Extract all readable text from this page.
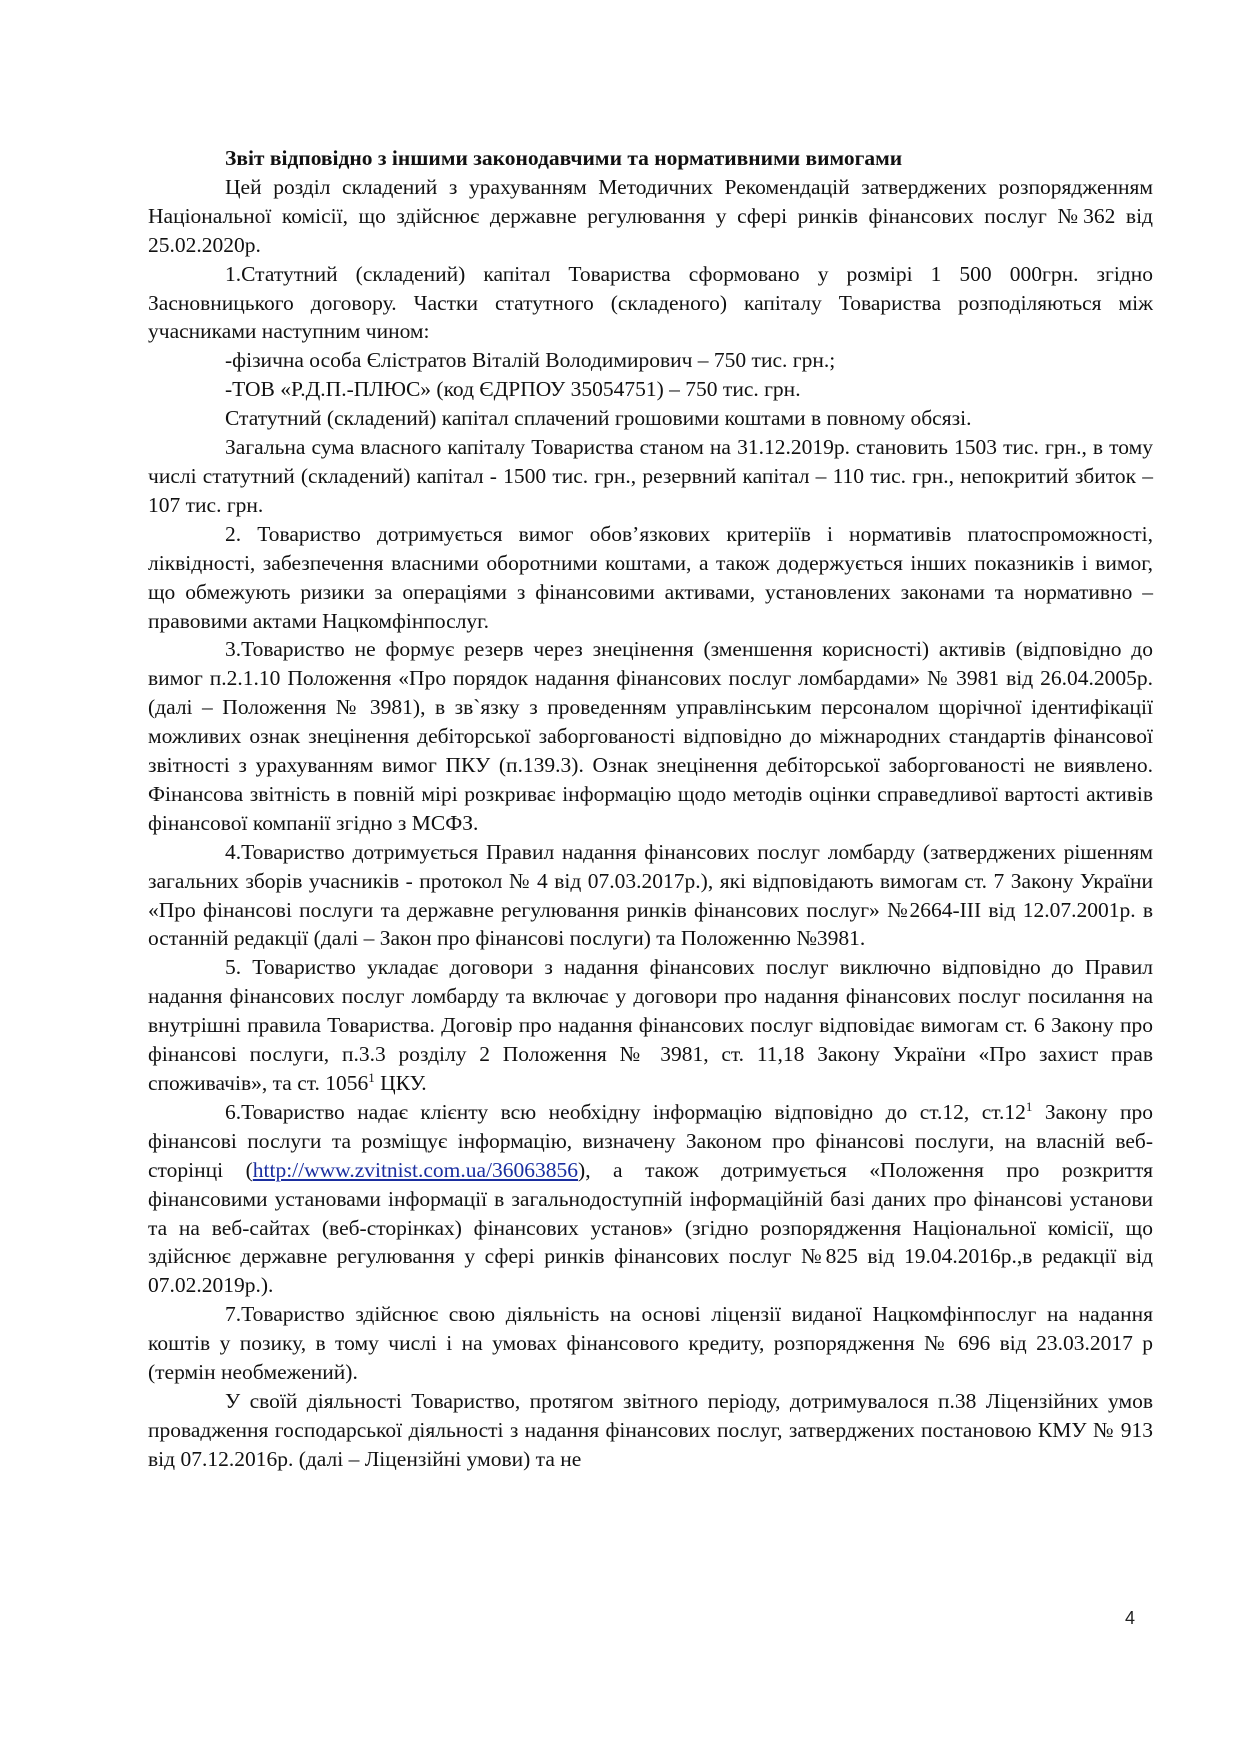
Звіт відповідно з іншими законодавчими та нормативними вимогами

Цей розділ складений з урахуванням Методичних Рекомендацій затверджених розпорядженням Національної комісії, що здійснює державне регулювання у сфері ринків фінансових послуг №362 від 25.02.2020р.

1.Статутний (складений) капітал Товариства сформовано у розмірі 1 500 000грн. згідно Засновницького договору. Частки статутного (складеного) капіталу Товариства розподіляються між учасниками наступним чином:

-фізична особа Єлістратов Віталій Володимирович – 750 тис. грн.;

-ТОВ «Р.Д.П.-ПЛЮС» (код ЄДРПОУ 35054751) – 750 тис. грн.

Статутний (складений) капітал сплачений грошовими коштами в повному обсязі.

Загальна сума власного капіталу Товариства станом на 31.12.2019р. становить 1503 тис. грн., в тому числі статутний (складений) капітал - 1500 тис. грн., резервний капітал – 110 тис. грн., непокритий збиток – 107 тис. грн.

2. Товариство дотримується вимог обов’язкових критеріїв і нормативів платоспроможності, ліквідності, забезпечення власними оборотними коштами, а також додержується інших показників і вимог, що обмежують ризики за операціями з фінансовими активами, установлених законами та нормативно – правовими актами Нацкомфінпослуг.

3.Товариство не формує резерв через знецінення (зменшення корисності) активів (відповідно до вимог п.2.1.10 Положення «Про порядок надання фінансових послуг ломбардами» № 3981 від 26.04.2005р. (далі – Положення № 3981), в зв`язку з проведенням управлінським персоналом щорічної ідентифікації можливих ознак знецінення дебіторської заборгованості відповідно до міжнародних стандартів фінансової звітності з урахуванням вимог ПКУ (п.139.3). Ознак знецінення дебіторської заборгованості не виявлено. Фінансова звітність в повній мірі розкриває інформацію щодо методів оцінки справедливої вартості активів фінансової компанії згідно з МСФЗ.

4.Товариство дотримується Правил надання фінансових послуг ломбарду (затверджених рішенням загальних зборів учасників - протокол № 4 від 07.03.2017р.), які відповідають вимогам ст. 7 Закону України «Про фінансові послуги та державне регулювання ринків фінансових послуг» №2664-ІІІ від 12.07.2001р. в останній редакції (далі – Закон про фінансові послуги) та Положенню №3981.

5. Товариство укладає договори з надання фінансових послуг виключно відповідно до Правил надання фінансових послуг ломбарду та включає у договори про надання фінансових послуг посилання на внутрішні правила Товариства. Договір про надання фінансових послуг відповідає вимогам ст. 6 Закону про фінансові послуги, п.3.3 розділу 2 Положення № 3981, ст. 11,18 Закону України «Про захист прав споживачів», та ст. 1056$^1$ ЦКУ.

6.Товариство надає клієнту всю необхідну інформацію відповідно до ст.12, $ст.12^1$ Закону про фінансові послуги та розміщує інформацію, визначену Законом про фінансові послуги, на власній веб-сторінці (http://www.zvitnist.com.ua/36063856), а також дотримується «Положення про розкриття фінансовими установами інформації в загальнодоступній інформаційній базі даних про фінансові установи та на веб-сайтах (веб-сторінках) фінансових установ» (згідно розпорядження Національної комісії, що здійснює державне регулювання у сфері ринків фінансових послуг №825 від 19.04.2016р.,в редакції від 07.02.2019р.).

7.Товариство здійснює свою діяльність на основі ліцензії виданої Нацкомфінпослуг на надання коштів у позику, в тому числі і на умовах фінансового кредиту, розпорядження № 696 від 23.03.2017 р (термін необмежений).

У своїй діяльності Товариство, протягом звітного періоду, дотримувалося п.38 Ліцензійних умов провадження господарської діяльності з надання фінансових послуг, затверджених постановою КМУ № 913 від 07.12.2016р. (далі – Ліцензійні умови) та не

4
